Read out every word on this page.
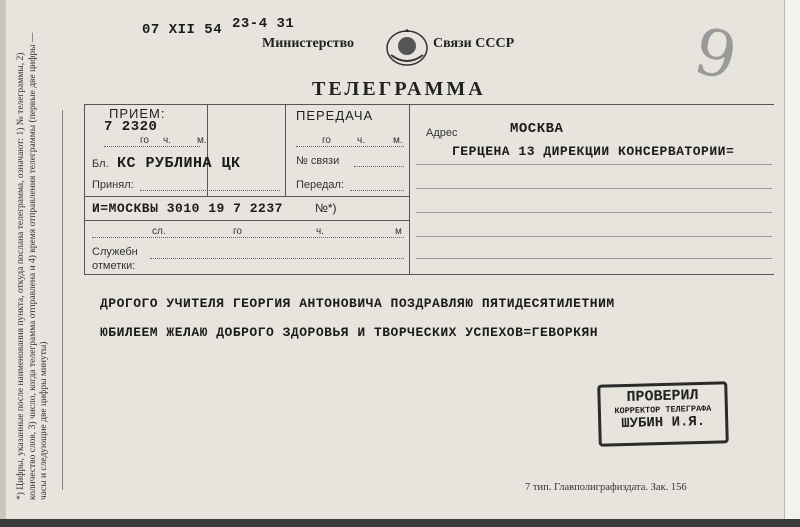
*) Цифры, указанные после наименования пункта, откуда послана телеграмма, означают: 1) № телеграммы, 2) количество слов, 3) число, когда телеграмма отправлена и 4) время отправления телеграммы (первые две цифры — часы и следующие две цифры минуты)
07 XII 54 23-4 31	9
Министерство	Связи СССР
ТЕЛЕГРАММА
ПРИЕМ:
7 2320
го ч.	м.
Бл. КС РУБЛИНА ЦК
Принял:
ПЕРЕДАЧА
го	ч.	м.
№ связи
Передал:
И=МОСКВЫ 3010 19 7 2237	№*)
сл.	го	ч.	м
Служебн
отметки:
Адрес	МОСКВА
ГЕРЦЕНА 13 ДИРЕКЦИИ КОНСЕРВАТОРИИ=
ДРОГОГО УЧИТЕЛЯ ГЕОРГИЯ АНТОНОВИЧА ПОЗДРАВЛЯЮ ПЯТИДЕСЯТИЛЕТНИМ
ЮБИЛЕЕМ ЖЕЛАЮ ДОБРОГО ЗДОРОВЬЯ И ТВОРЧЕСКИХ УСПЕХОВ=ГЕВОРКЯН
ПРОВЕРИЛ
КОРРЕКТОР ТЕЛЕГРАФА
ШУБИН И.Я.
7 тип. Главполиграфиздата. Зак. 156
